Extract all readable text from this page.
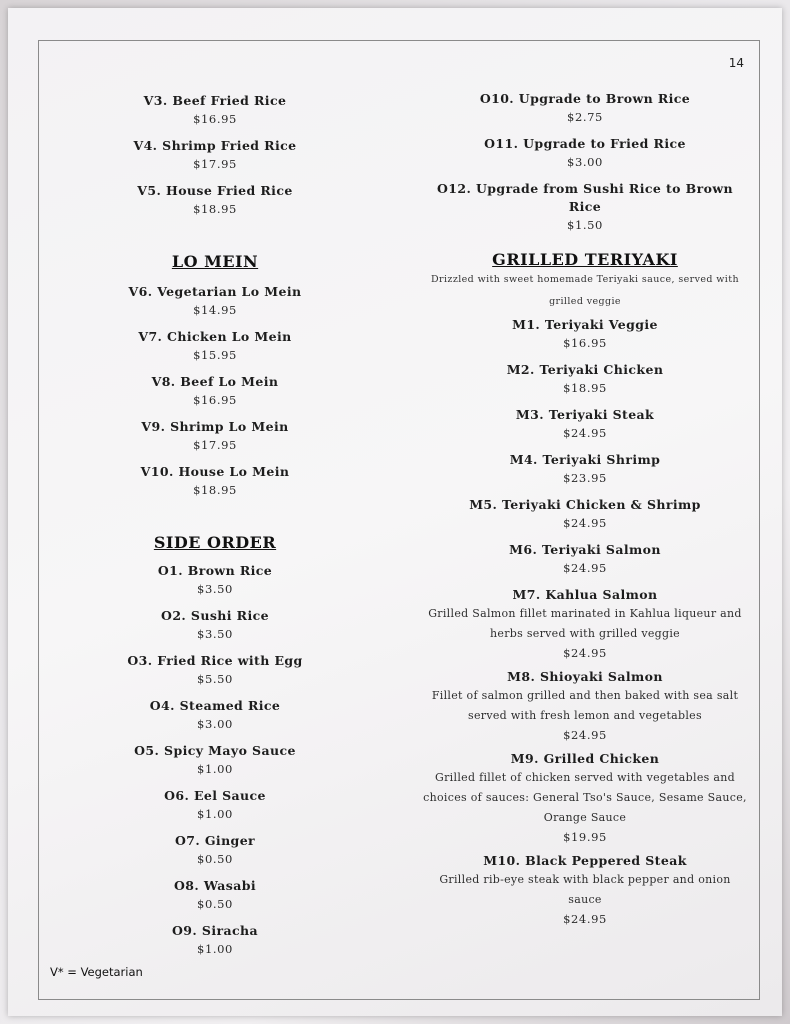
14
V3. Beef Fried Rice
$16.95
V4. Shrimp Fried Rice
$17.95
V5. House Fried Rice
$18.95
LO MEIN
V6. Vegetarian Lo Mein
$14.95
V7. Chicken Lo Mein
$15.95
V8. Beef Lo Mein
$16.95
V9. Shrimp Lo Mein
$17.95
V10. House Lo Mein
$18.95
SIDE ORDER
O1. Brown Rice
$3.50
O2. Sushi Rice
$3.50
O3. Fried Rice with Egg
$5.50
O4. Steamed Rice
$3.00
O5. Spicy Mayo Sauce
$1.00
O6. Eel Sauce
$1.00
O7. Ginger
$0.50
O8. Wasabi
$0.50
O9. Siracha
$1.00
O10. Upgrade to Brown Rice
$2.75
O11. Upgrade to Fried Rice
$3.00
O12. Upgrade from Sushi Rice to Brown Rice
$1.50
GRILLED TERIYAKI
Drizzled with sweet homemade Teriyaki sauce, served with
grilled veggie
M1. Teriyaki Veggie
$16.95
M2. Teriyaki Chicken
$18.95
M3. Teriyaki Steak
$24.95
M4. Teriyaki Shrimp
$23.95
M5. Teriyaki Chicken & Shrimp
$24.95
M6. Teriyaki Salmon
$24.95
M7. Kahlua Salmon
Grilled Salmon fillet marinated in Kahlua liqueur and
herbs served with grilled veggie
$24.95
M8. Shioyaki Salmon
Fillet of salmon grilled and then baked with sea salt
served with fresh lemon and vegetables
$24.95
M9. Grilled Chicken
Grilled fillet of chicken served with vegetables and
choices of sauces: General Tso's Sauce, Sesame Sauce,
Orange Sauce
$19.95
M10. Black Peppered Steak
Grilled rib-eye steak with black pepper and onion
sauce
$24.95
V* = Vegetarian
